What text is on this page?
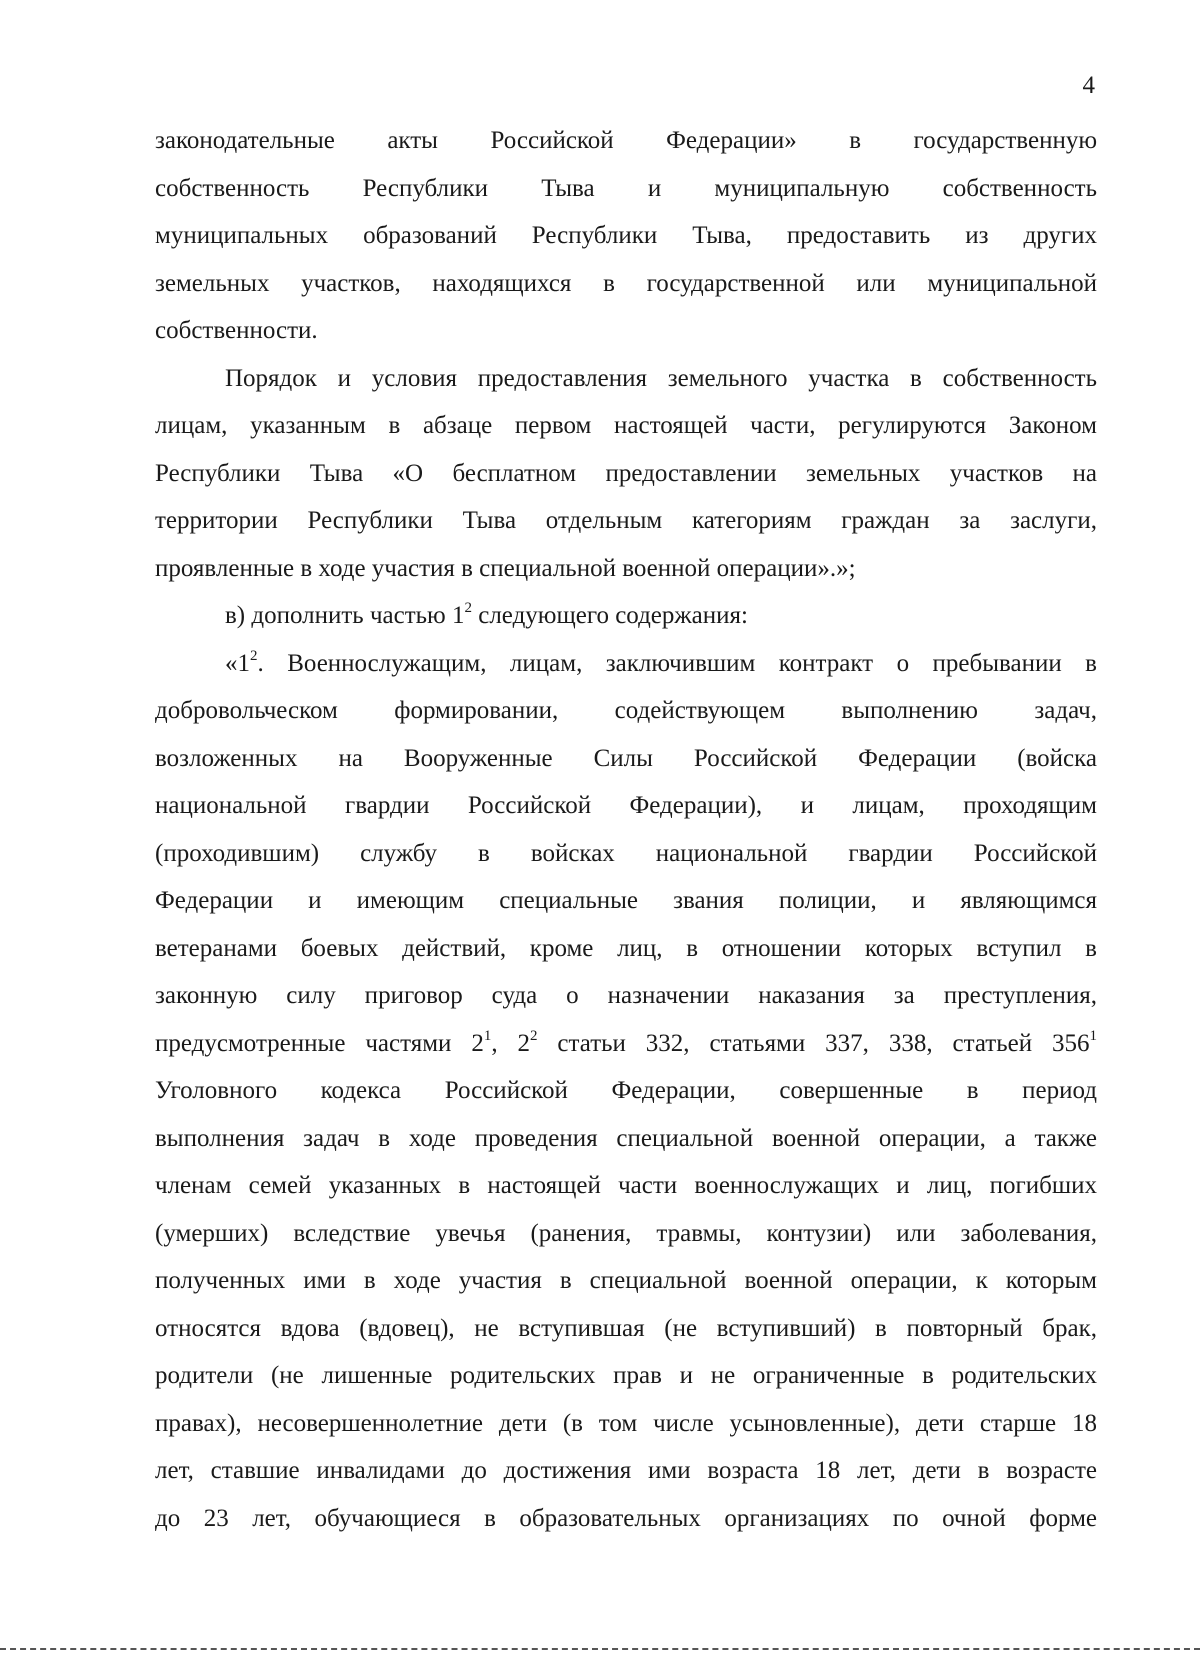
4
законодательные акты Российской Федерации» в государственную
собственность Республики Тыва и муниципальную собственность
муниципальных образований Республики Тыва, предоставить из других
земельных участков, находящихся в государственной или муниципальной
собственности.
Порядок и условия предоставления земельного участка в собственность
лицам, указанным в абзаце первом настоящей части, регулируются Законом
Республики Тыва «О бесплатном предоставлении земельных участков на
территории Республики Тыва отдельным категориям граждан за заслуги,
проявленные в ходе участия в специальной военной операции».»;
в) дополнить частью $1^2$ следующего содержания:
«$1^2$. Военнослужащим, лицам, заключившим контракт о пребывании в
добровольческом формировании, содействующем выполнению задач,
возложенных на Вооруженные Силы Российской Федерации (войска
национальной гвардии Российской Федерации), и лицам, проходящим
(проходившим) службу в войсках национальной гвардии Российской
Федерации и имеющим специальные звания полиции, и являющимся
ветеранами боевых действий, кроме лиц, в отношении которых вступил в
законную силу приговор суда о назначении наказания за преступления,
предусмотренные частями $2^1$, $2^2$ статьи 332, статьями 337, 338, статьей $356^1$
Уголовного кодекса Российской Федерации, совершенные в период
выполнения задач в ходе проведения специальной военной операции, а также
членам семей указанных в настоящей части военнослужащих и лиц, погибших
(умерших) вследствие увечья (ранения, травмы, контузии) или заболевания,
полученных ими в ходе участия в специальной военной операции, к которым
относятся вдова (вдовец), не вступившая (не вступивший) в повторный брак,
родители (не лишенные родительских прав и не ограниченные в родительских
правах), несовершеннолетние дети (в том числе усыновленные), дети старше 18
лет, ставшие инвалидами до достижения ими возраста 18 лет, дети в возрасте
до 23 лет, обучающиеся в образовательных организациях по очной форме
